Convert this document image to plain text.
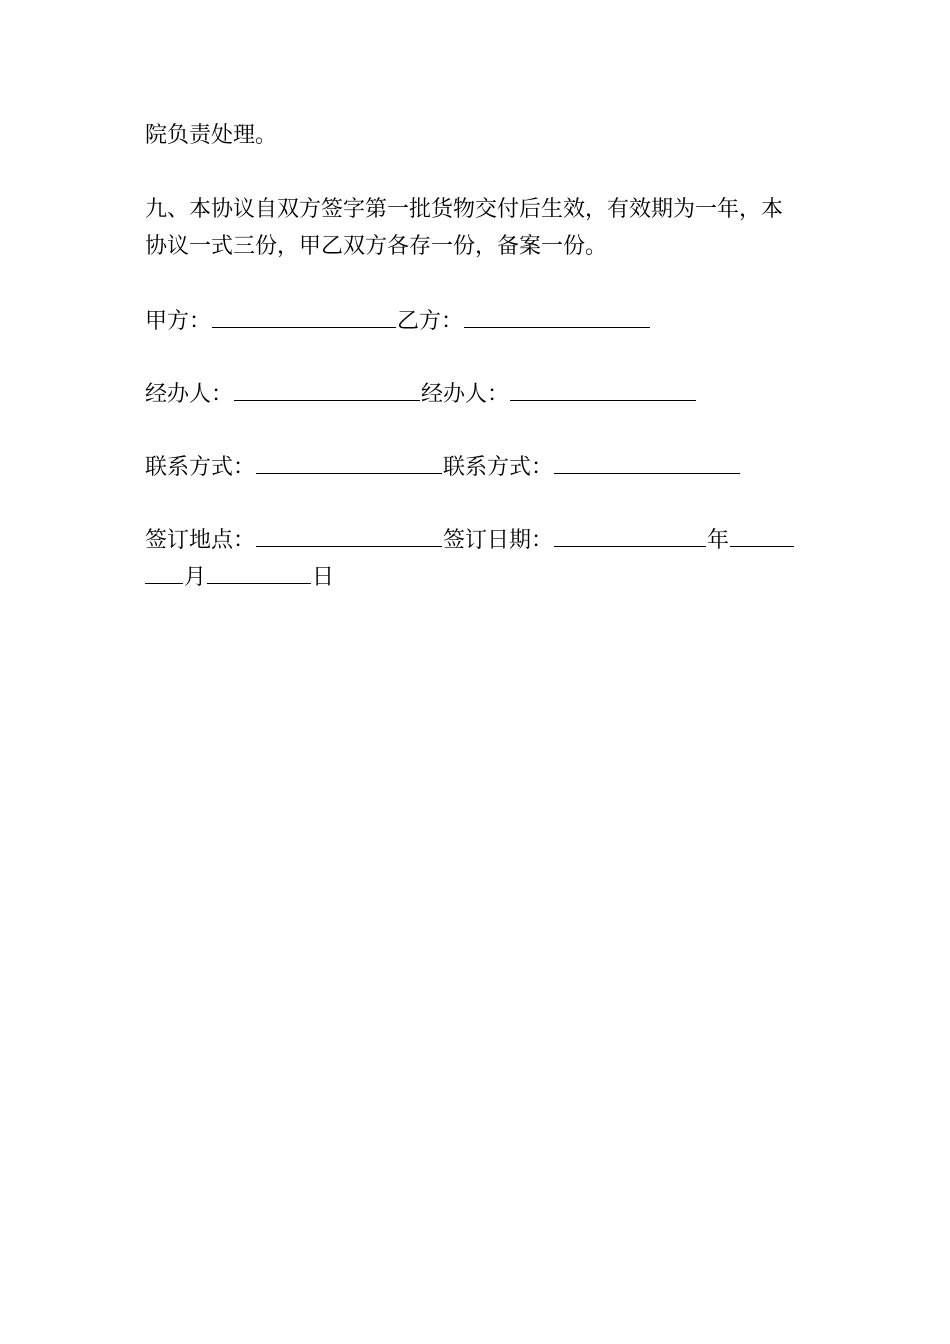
院负责处理。
九、本协议自双方签字第一批货物交付后生效，有效期为一年，本
协议一式三份，甲乙双方各存一份，备案一份。
甲方：	乙方：
经办人：	经办人：
联系方式：	联系方式：
签订地点：	签订日期：	年
月	日
